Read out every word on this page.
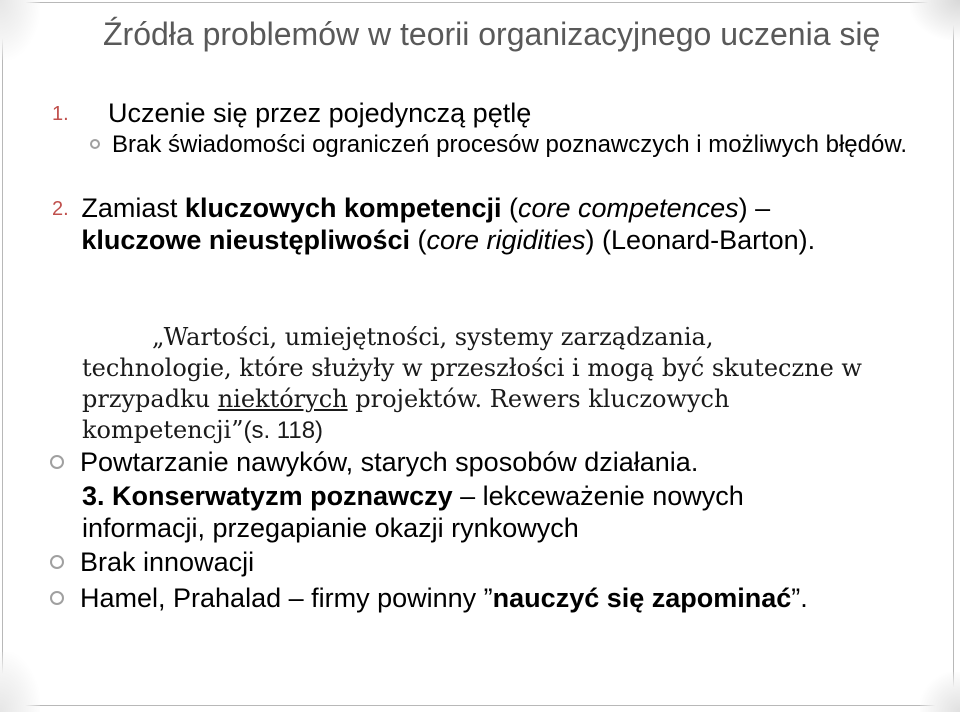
Źródła problemów w teorii organizacyjnego uczenia się
1.	Uczenie się przez pojedynczą pętlę
Brak świadomości ograniczeń procesów poznawczych i możliwych błędów.
2. Zamiast kluczowych kompetencji (core competences) – kluczowe nieustępliwości (core rigidities) (Leonard-Barton).
„Wartości, umiejętności, systemy zarządzania, technologie, które służyły w przeszłości i mogą być skuteczne w przypadku niektórych projektów. Rewers kluczowych kompetencji”(s. 118)
Powtarzanie nawyków, starych sposobów działania.
3. Konserwatyzm poznawczy – lekceważenie nowych informacji, przegapianie okazji rynkowych
Brak innowacji
Hamel, Prahalad – firmy powinny ”nauczyć się zapominać”.
